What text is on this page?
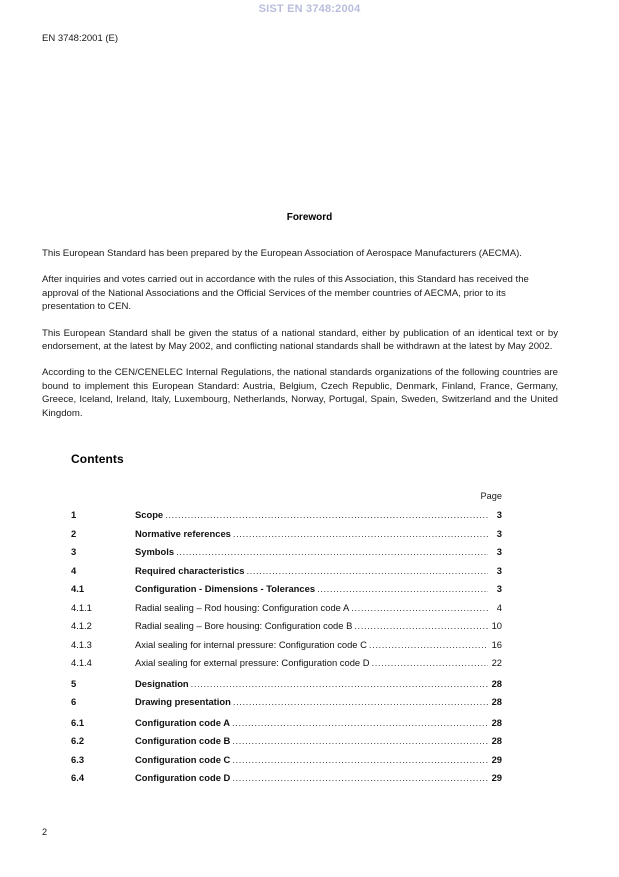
SIST EN 3748:2004
EN 3748:2001 (E)
Foreword

This European Standard has been prepared by the European Association of Aerospace Manufacturers (AECMA).

After inquiries and votes carried out in accordance with the rules of this Association, this Standard has received the approval of the National Associations and the Official Services of the member countries of AECMA, prior to its presentation to CEN.

This European Standard shall be given the status of a national standard, either by publication of an identical text or by endorsement, at the latest by May 2002, and conflicting national standards shall be withdrawn at the latest by May 2002.

According to the CEN/CENELEC Internal Regulations, the national standards organizations of the following countries are bound to implement this European Standard: Austria, Belgium, Czech Republic, Denmark, Finland, France, Germany, Greece, Iceland, Ireland, Italy, Luxembourg, Netherlands, Norway, Portugal, Spain, Sweden, Switzerland and the United Kingdom.

Contents
Page
1	Scope .....	3
2	Normative references .....	3
3	Symbols .....	3
4	Required characteristics .....	3
4.1	Configuration - Dimensions - Tolerances .....	3
4.1.1	Radial sealing – Rod housing: Configuration code A .....	4
4.1.2	Radial sealing – Bore housing: Configuration code B .....	10
4.1.3	Axial sealing for internal pressure: Configuration code C .....	16
4.1.4	Axial sealing for external pressure: Configuration code D .....	22
5	Designation .....	28
6	Drawing presentation .....	28
6.1	Configuration code A .....	28
6.2	Configuration code B .....	28
6.3	Configuration code C .....	29
6.4	Configuration code D .....	29
2
